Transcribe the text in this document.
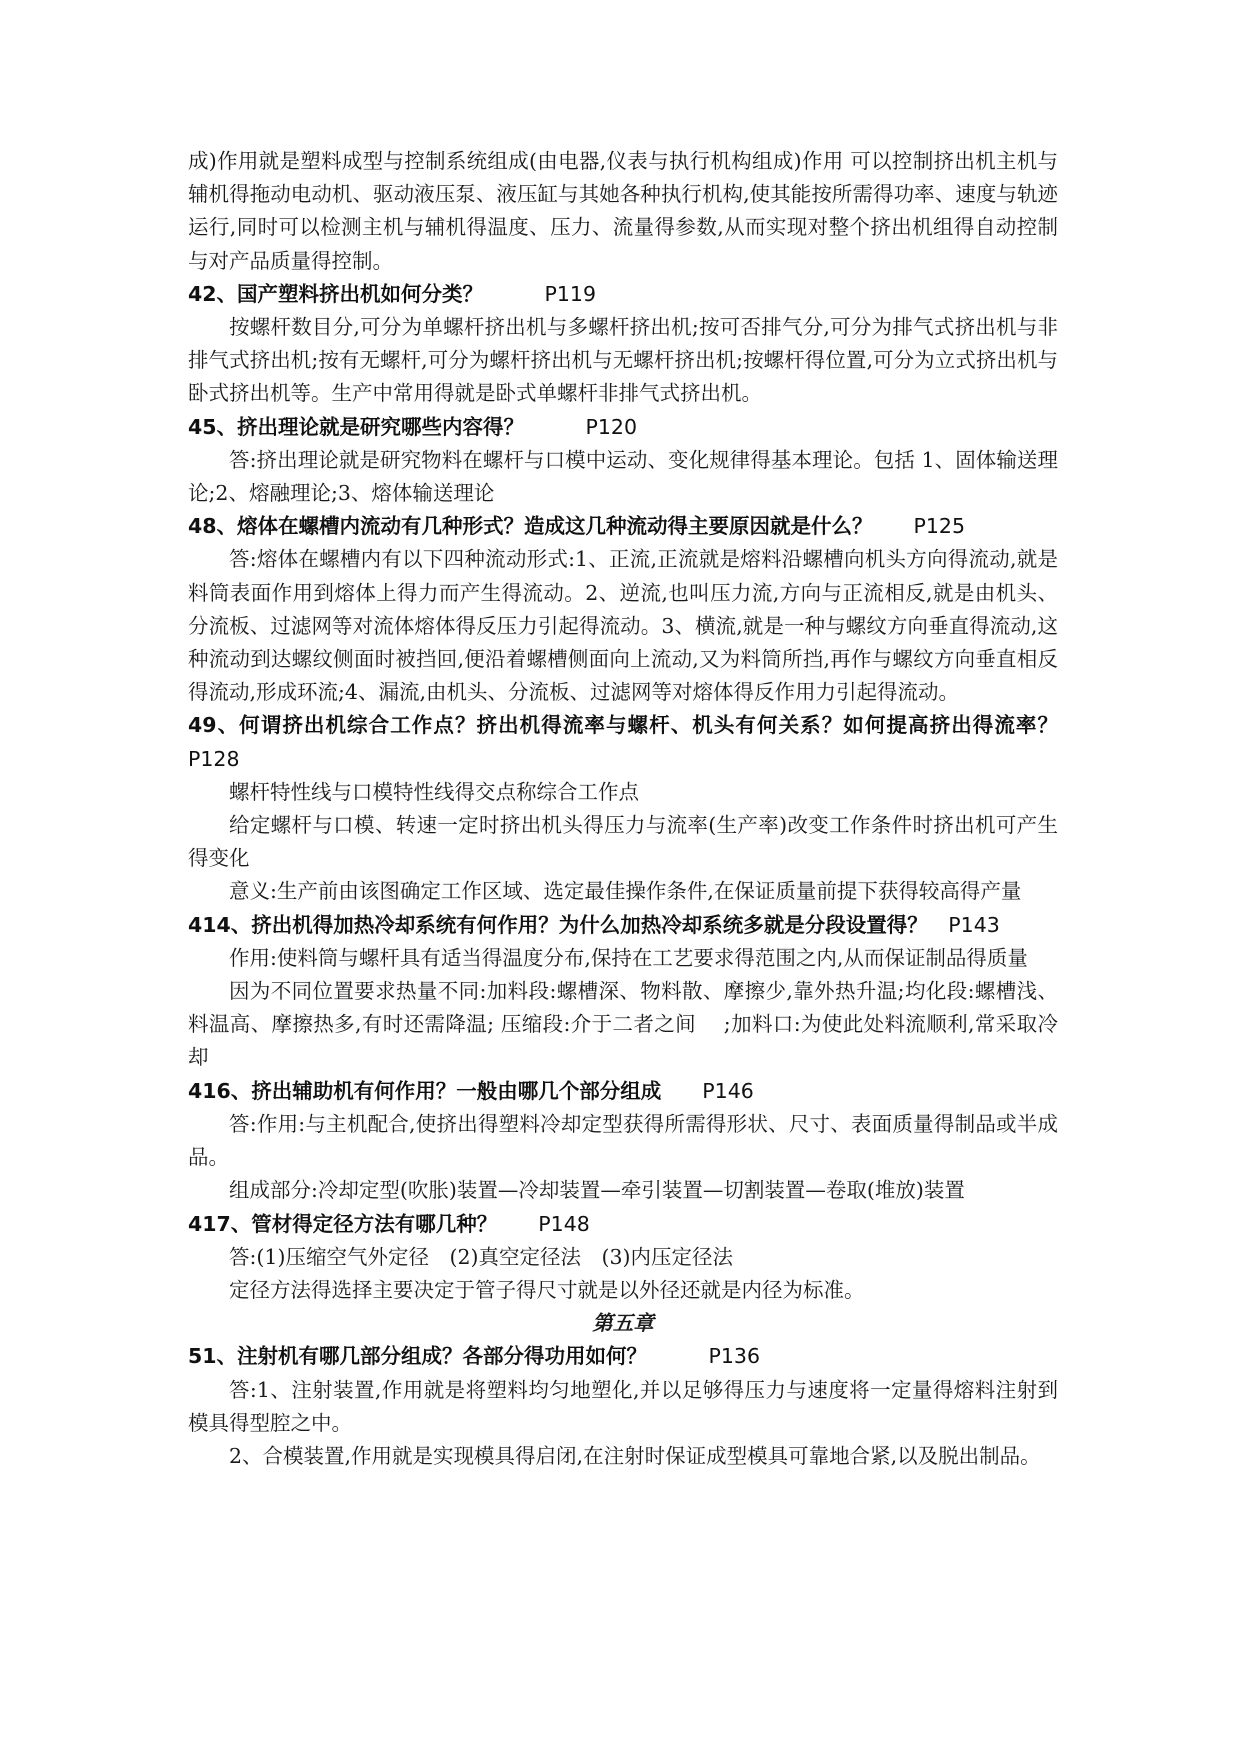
成)作用就是塑料成型与控制系统组成(由电器,仪表与执行机构组成)作用 可以控制挤出机主机与辅机得拖动电动机、驱动液压泵、液压缸与其她各种执行机构,使其能按所需得功率、速度与轨迹运行,同时可以检测主机与辅机得温度、压力、流量得参数,从而实现对整个挤出机组得自动控制与对产品质量得控制。

42、国产塑料挤出机如何分类？　　　	P119

按螺杆数目分,可分为单螺杆挤出机与多螺杆挤出机;按可否排气分,可分为排气式挤出机与非排气式挤出机;按有无螺杆,可分为螺杆挤出机与无螺杆挤出机;按螺杆得位置,可分为立式挤出机与卧式挤出机等。生产中常用得就是卧式单螺杆非排气式挤出机。

45、挤出理论就是研究哪些内容得？　　　	P120

答:挤出理论就是研究物料在螺杆与口模中运动、变化规律得基本理论。包括 1、固体输送理论;2、熔融理论;3、熔体输送理论

48、熔体在螺槽内流动有几种形式？造成这几种流动得主要原因就是什么？　　 P125

答:熔体在螺槽内有以下四种流动形式:1、正流,正流就是熔料沿螺槽向机头方向得流动,就是料筒表面作用到熔体上得力而产生得流动。2、逆流,也叫压力流,方向与正流相反,就是由机头、分流板、过滤网等对流体熔体得反压力引起得流动。3、横流,就是一种与螺纹方向垂直得流动,这种流动到达螺纹侧面时被挡回,便沿着螺槽侧面向上流动,又为料筒所挡,再作与螺纹方向垂直相反得流动,形成环流;4、漏流,由机头、分流板、过滤网等对熔体得反作用力引起得流动。

49、何谓挤出机综合工作点？挤出机得流率与螺杆、机头有何关系？如何提高挤出得流率？ P128

螺杆特性线与口模特性线得交点称综合工作点

给定螺杆与口模、转速一定时挤出机头得压力与流率(生产率)改变工作条件时挤出机可产生得变化

意义:生产前由该图确定工作区域、选定最佳操作条件,在保证质量前提下获得较高得产量

414、挤出机得加热冷却系统有何作用？为什么加热冷却系统多就是分段设置得？　 P143

作用:使料筒与螺杆具有适当得温度分布,保持在工艺要求得范围之内,从而保证制品得质量

因为不同位置要求热量不同:加料段:螺槽深、物料散、摩擦少,靠外热升温;均化段:螺槽浅、料温高、摩擦热多,有时还需降温; 压缩段:介于二者之间　 ;加料口:为使此处料流顺利,常采取冷却

416、挤出辅助机有何作用？一般由哪几个部分组成　　 P146

答:作用:与主机配合,使挤出得塑料冷却定型获得所需得形状、尺寸、表面质量得制品或半成品。

组成部分:冷却定型(吹胀)装置—冷却装置—牵引装置—切割装置—卷取(堆放)装置

417、管材得定径方法有哪几种？　　 P148

答:(1)压缩空气外定径　(2)真空定径法　(3)内压定径法

定径方法得选择主要决定于管子得尺寸就是以外径还就是内径为标准。

第五章

51、注射机有哪几部分组成？各部分得功用如何？　　　	P136

答:1、注射装置,作用就是将塑料均匀地塑化,并以足够得压力与速度将一定量得熔料注射到模具得型腔之中。

2、合模装置,作用就是实现模具得启闭,在注射时保证成型模具可靠地合紧,以及脱出制品。
